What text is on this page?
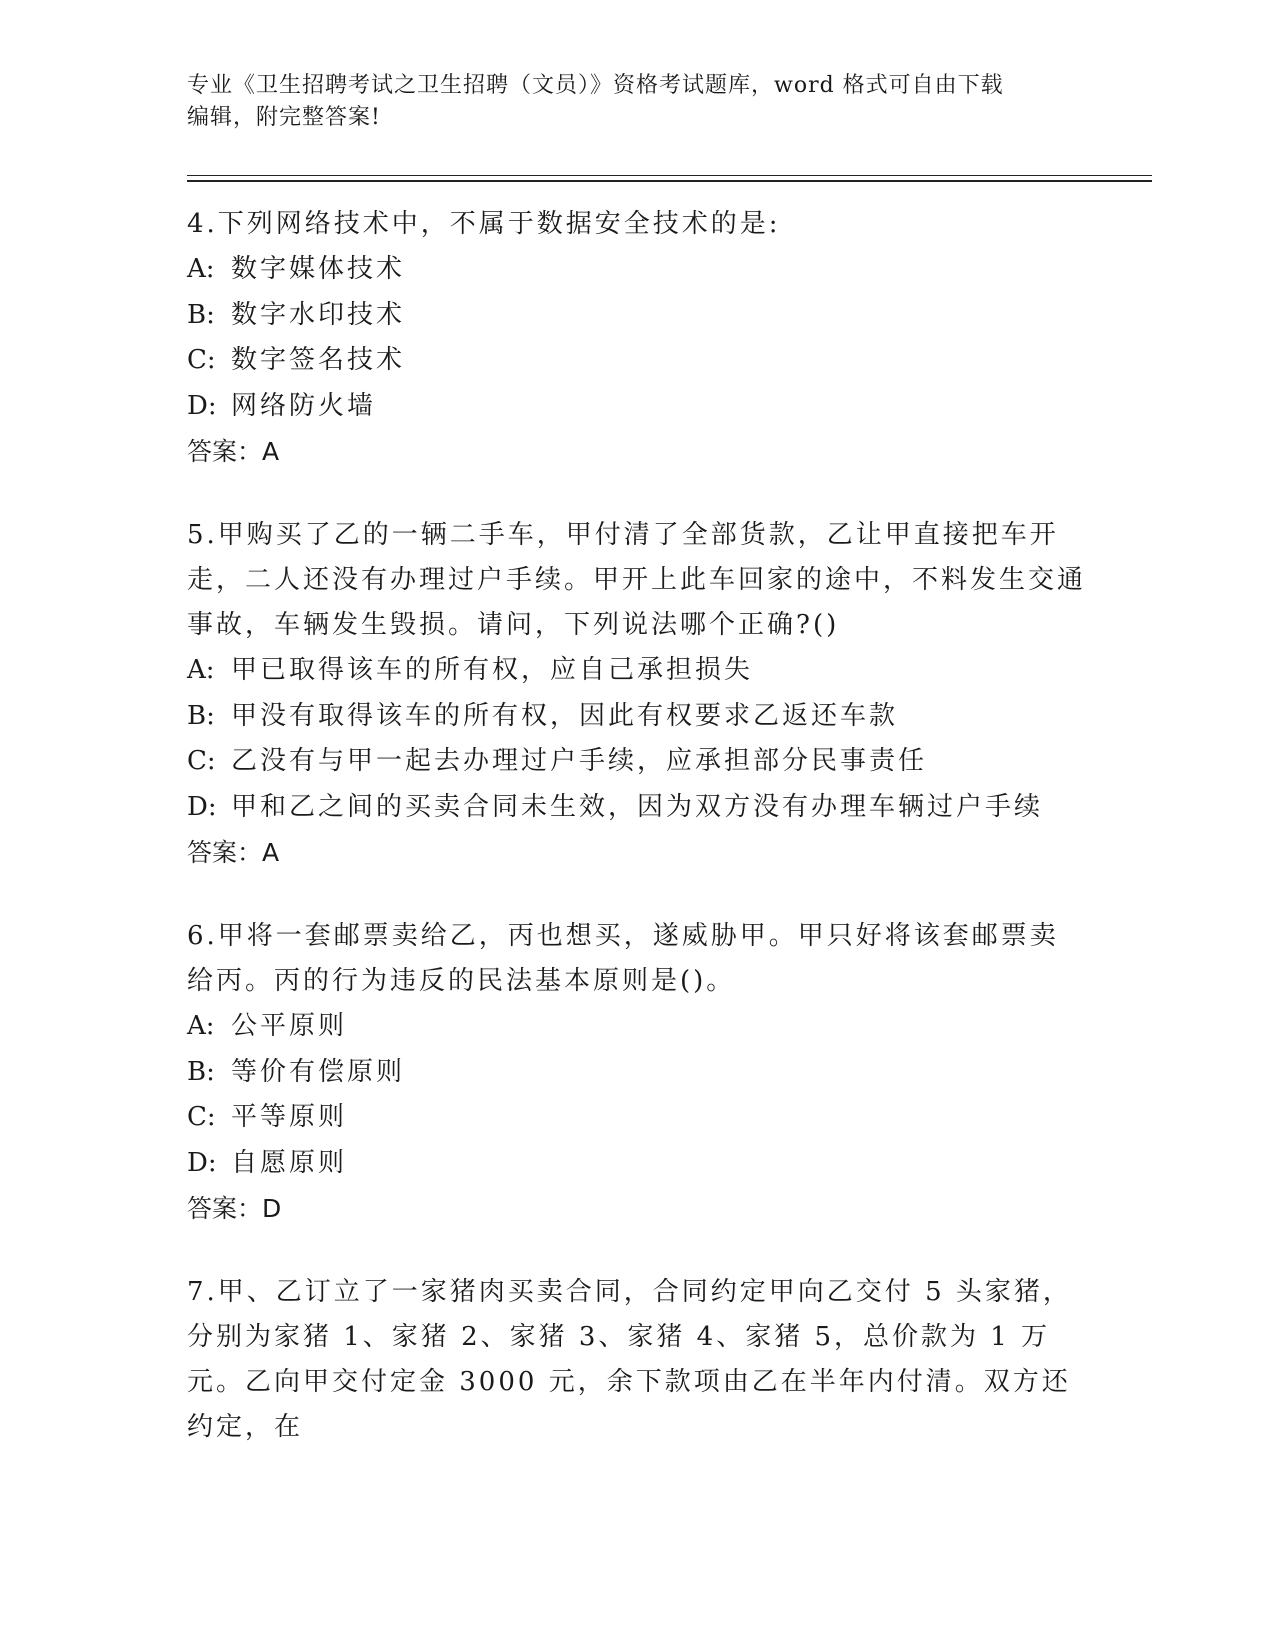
专业《卫生招聘考试之卫生招聘（文员）》资格考试题库，word 格式可自由下载
编辑，附完整答案!

4.下列网络技术中，不属于数据安全技术的是:

A: 数字媒体技术

B: 数字水印技术

C: 数字签名技术

D: 网络防火墙

答案：A

5.甲购买了乙的一辆二手车，甲付清了全部货款，乙让甲直接把车开走，二人还没有办理过户手续。甲开上此车回家的途中，不料发生交通事故，车辆发生毁损。请问，下列说法哪个正确?()

A: 甲已取得该车的所有权，应自己承担损失

B: 甲没有取得该车的所有权，因此有权要求乙返还车款

C: 乙没有与甲一起去办理过户手续，应承担部分民事责任

D: 甲和乙之间的买卖合同未生效，因为双方没有办理车辆过户手续

答案：A

6.甲将一套邮票卖给乙，丙也想买，遂威胁甲。甲只好将该套邮票卖给丙。丙的行为违反的民法基本原则是()。

A: 公平原则

B: 等价有偿原则

C: 平等原则

D: 自愿原则

答案：D

7.甲、乙订立了一家猪肉买卖合同，合同约定甲向乙交付 5 头家猪，分别为家猪 1、家猪 2、家猪 3、家猪 4、家猪 5，总价款为 1 万元。乙向甲交付定金 3000 元，余下款项由乙在半年内付清。双方还约定，在
